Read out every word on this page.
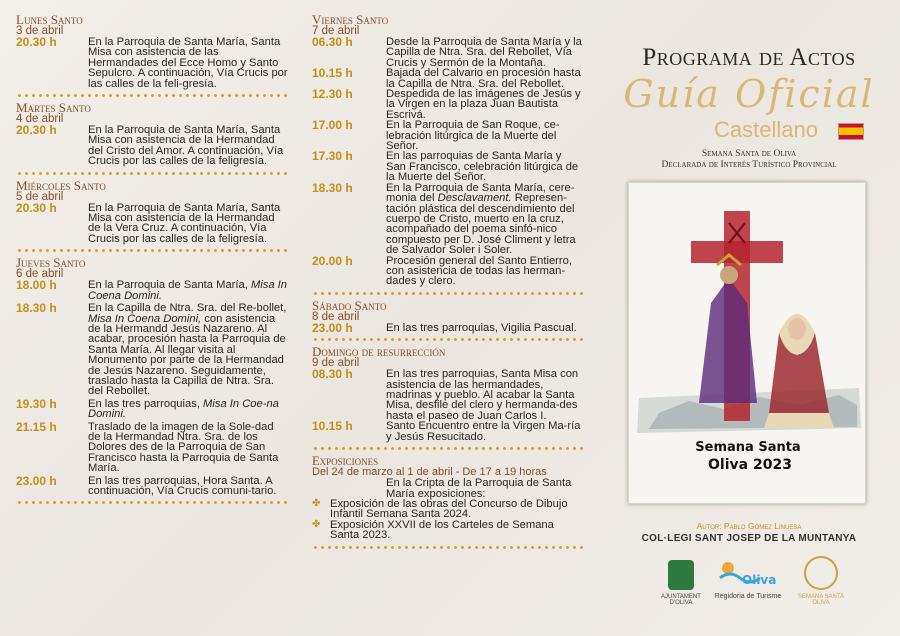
Lunes Santo
3 de abril
20.30 h	En la Parroquia de Santa María, Santa Misa con asistencia de las Hermandades del Ecce Homo y Santo Sepulcro. A continuación, Vía Crucis por las calles de la feli-gresía.
Martes Santo
4 de abril
20.30 h	En la Parroquia de Santa María, Santa Misa con asistencia de la Hermandad del Cristo del Amor. A continuación, Vía Crucis por las calles de la feligresía.
Miércoles Santo
5 de abril
20.30 h	En la Parroquia de Santa María, Santa Misa con asistencia de la Hermandad de la Vera Cruz. A continuación, Vía Crucis por las calles de la feligresía.
Jueves Santo
6 de abril
18.00 h	En la Parroquia de Santa María, Misa In Coena Domini.
18.30 h	En la Capilla de Ntra. Sra. del Re-bollet, Misa In Coena Domini, con asistencia de la Hermandd Jesús Nazareno. Al acabar, procesión hasta la Parroquia de Santa María. Al llegar visita al Monumento por parte de la Hermandad de Jesús Nazareno. Seguidamente, traslado hasta la Capilla de Ntra. Sra. del Rebollet.
19.30 h	En las tres parroquias, Misa In Coe-na Domini.
21.15 h	Traslado de la imagen de la Sole-dad de la Hermandad Ntra. Sra. de los Dolores des de la Parroquia de San Francisco hasta la Parroquia de Santa María.
23.00 h	En las tres parroquias, Hora Santa. A continuación, Vía Crucis comuni-tario.
Viernes Santo
7 de abril
06.30 h	Desde la Parroquia de Santa María y la Capilla de Ntra. Sra. del Rebollet, Vía Crucis y Sermón de la Montaña.
10.15 h	Bajada del Calvario en procesión hasta la Capilla de Ntra. Sra. del Rebollet.
12.30 h	Despedida de las imágenes de Jesús y la Virgen en la plaza Juan Bautista Escrivá.
17.00 h	En la Parroquia de San Roque, ce-lebración litúrgica de la Muerte del Señor.
17.30 h	En las parroquias de Santa María y San Francisco, celebración litúrgica de la Muerte del Señor.
18.30 h	En la Parroquia de Santa María, cere-monia del Desclavament. Represen-tación plástica del descendimiento del cuerpo de Cristo, muerto en la cruz, acompañado del poema sinfó-nico compuesto per D. José Climent y letra de Salvador Soler i Soler.
20.00 h	Procesión general del Santo Entierro, con asistencia de todas las herman-dades y clero.
Sábado Santo
8 de abril
23.00 h	En las tres parroquias, Vigilia Pascual.
Domingo de resurrección
9 de abril
08.30 h	En las tres parroquias, Santa Misa con asistencia de las hermandades, madrinas y pueblo. Al acabar la Santa Misa, desfile del clero y hermanda-des hasta el paseo de Juan Carlos I.
10.15 h	Santo Encuentro entre la Virgen Ma-ría y Jesús Resucitado.
Exposiciones
Del 24 de marzo al 1 de abril - De 17 a 19 horas
En la Cripta de la Parroquia de Santa María exposiciones:
✤ Exposición de las obras del Concurso de Dibujo Infantil Semana Santa 2024.
✤ Exposición XXVII de los Carteles de Semana Santa 2023.
Programa de Actos
Guía Oficial
Castellano
Semana Santa de Oliva
Declarada de Interés Turístico Provincial
Semana Santa
Oliva 2023
Autor: Pablo Gómez Linuesa
COL·LEGI SANT JOSEP DE LA MUNTANYA
AJUNTAMENT D'OLIVA
Oliva
Regidoria de Turisme	SEMANA SANTA OLIVA
